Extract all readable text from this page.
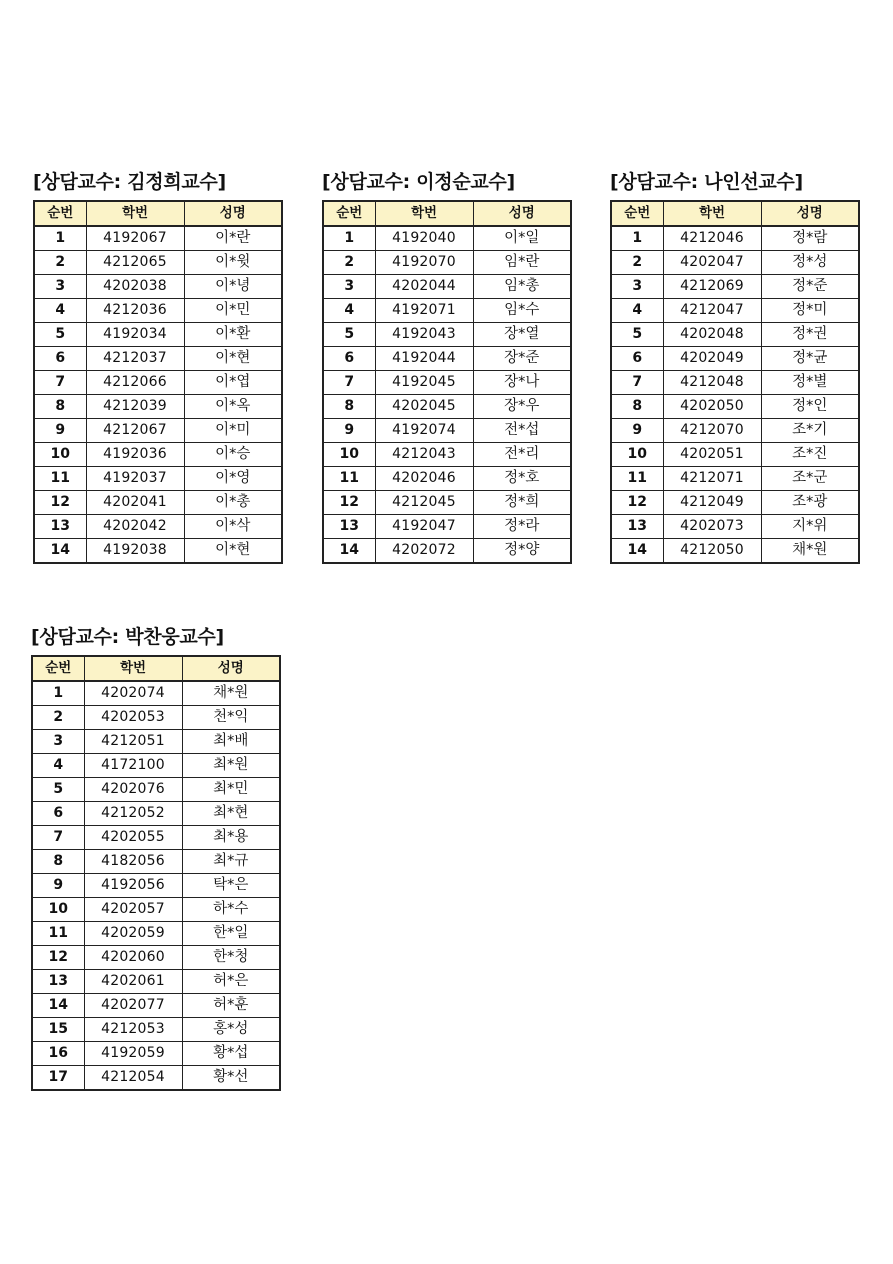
[상담교수: 김정희교수]
순번	학번	성명
1	4192067	이*란
2	4212065	이*윗
3	4202038	이*녕
4	4212036	이*민
5	4192034	이*환
6	4212037	이*현
7	4212066	이*엽
8	4212039	이*옥
9	4212067	이*미
10	4192036	이*승
11	4192037	이*영
12	4202041	이*총
13	4202042	이*삭
14	4192038	이*현
[상담교수: 이정순교수]
순번	학번	성명
1	4192040	이*일
2	4192070	임*란
3	4202044	임*총
4	4192071	임*수
5	4192043	장*열
6	4192044	장*준
7	4192045	장*나
8	4202045	장*우
9	4192074	전*섭
10	4212043	전*리
11	4202046	정*호
12	4212045	정*희
13	4192047	정*라
14	4202072	정*양
[상담교수: 나인선교수]
순번	학번	성명
1	4212046	정*람
2	4202047	정*성
3	4212069	정*준
4	4212047	정*미
5	4202048	정*권
6	4202049	정*균
7	4212048	정*별
8	4202050	정*인
9	4212070	조*기
10	4202051	조*진
11	4212071	조*군
12	4212049	조*광
13	4202073	지*위
14	4212050	채*원
[상담교수: 박찬웅교수]
순번	학번	성명
1	4202074	채*원
2	4202053	천*익
3	4212051	최*배
4	4172100	최*원
5	4202076	최*민
6	4212052	최*현
7	4202055	최*용
8	4182056	최*규
9	4192056	탁*은
10	4202057	하*수
11	4202059	한*일
12	4202060	한*청
13	4202061	허*은
14	4202077	허*훈
15	4212053	홍*성
16	4192059	황*섭
17	4212054	황*선
